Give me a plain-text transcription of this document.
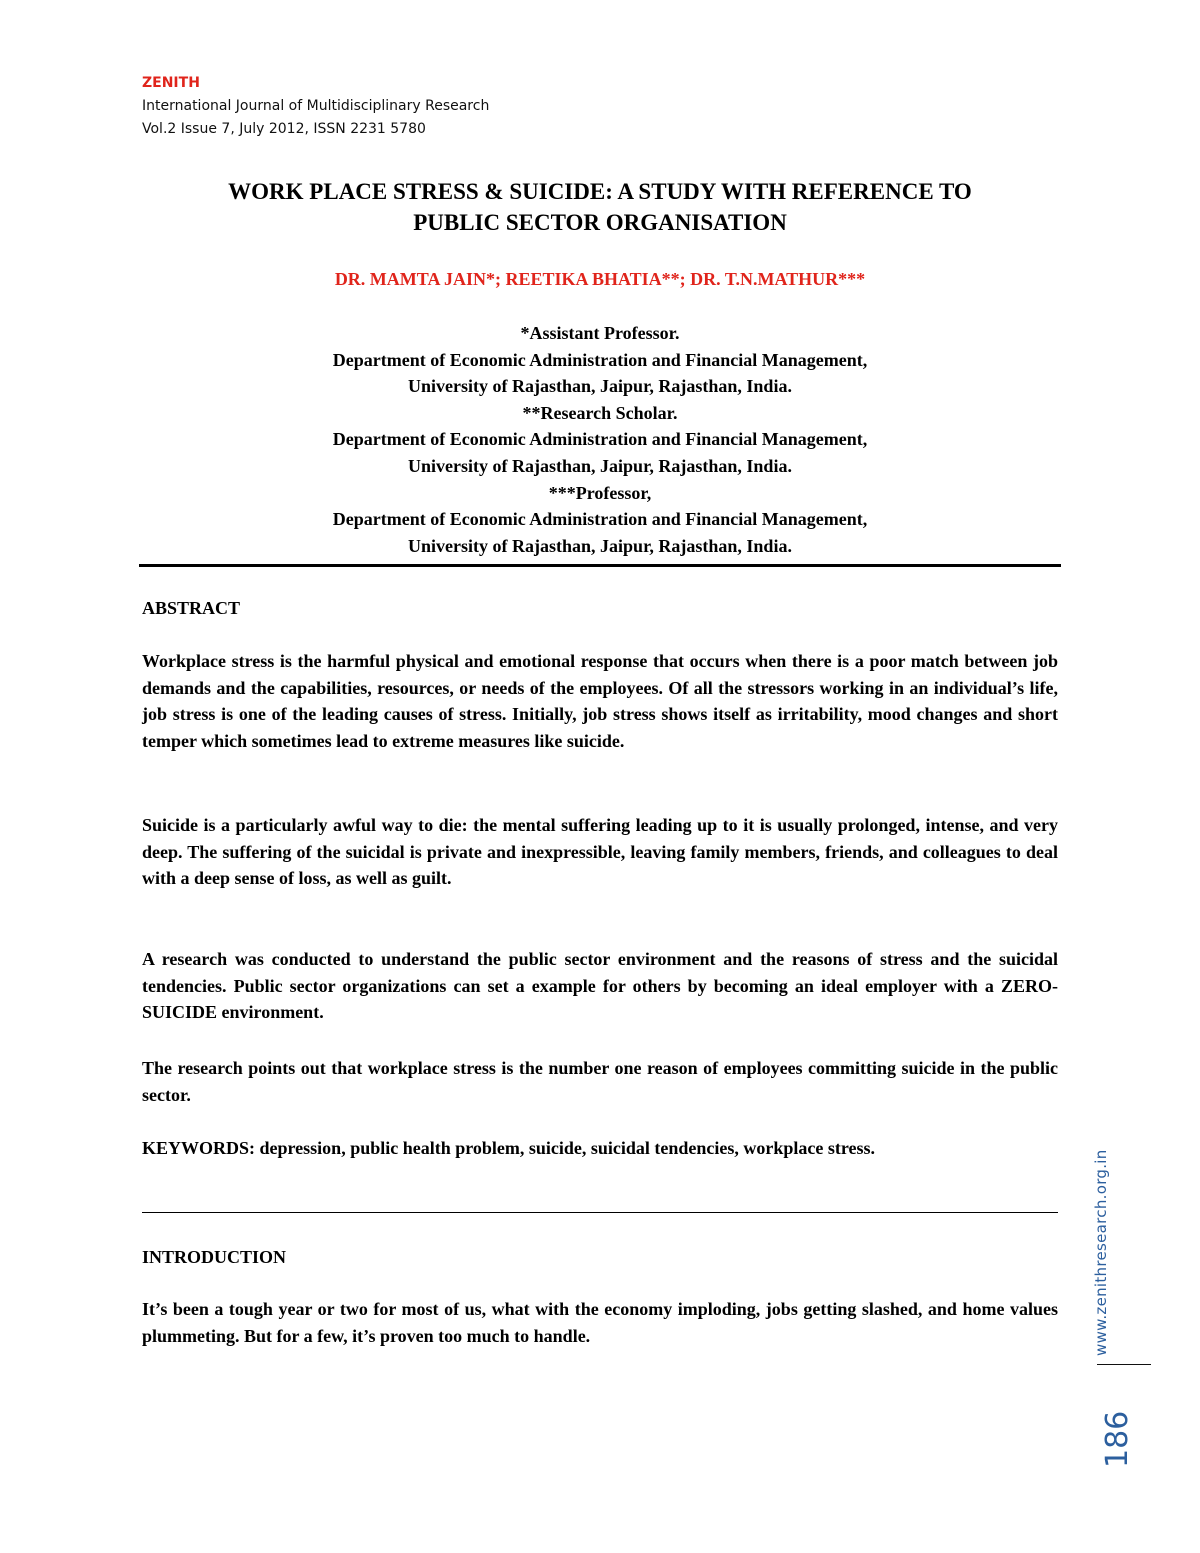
ZENITH
International Journal of Multidisciplinary Research
Vol.2 Issue 7, July 2012, ISSN 2231 5780
WORK PLACE STRESS & SUICIDE: A STUDY WITH REFERENCE TO
PUBLIC SECTOR ORGANISATION
DR. MAMTA JAIN*; REETIKA BHATIA**; DR. T.N.MATHUR***
*Assistant Professor.
Department of Economic Administration and Financial Management,
University of Rajasthan, Jaipur, Rajasthan, India.
**Research Scholar.
Department of Economic Administration and Financial Management,
University of Rajasthan, Jaipur, Rajasthan, India.
***Professor,
Department of Economic Administration and Financial Management,
University of Rajasthan, Jaipur, Rajasthan, India.
ABSTRACT

Workplace stress is the harmful physical and emotional response that occurs when there is a poor match between job demands and the capabilities, resources, or needs of the employees. Of all the stressors working in an individual’s life, job stress is one of the leading causes of stress. Initially, job stress shows itself as irritability, mood changes and short temper which sometimes lead to extreme measures like suicide.

Suicide is a particularly awful way to die: the mental suffering leading up to it is usually prolonged, intense, and very deep. The suffering of the suicidal is private and inexpressible, leaving family members, friends, and colleagues to deal with a deep sense of loss, as well as guilt.

A research was conducted to understand the public sector environment and the reasons of stress and the suicidal tendencies. Public sector organizations can set a example for others by becoming an ideal employer with a ZERO-SUICIDE environment.

The research points out that workplace stress is the number one reason of employees committing suicide in the public sector.

KEYWORDS: depression, public health problem, suicide, suicidal tendencies, workplace stress.

INTRODUCTION

It’s been a tough year or two for most of us, what with the economy imploding, jobs getting slashed, and home values plummeting. But for a few, it’s proven too much to handle.	www.zenithresearch.org.in
186
